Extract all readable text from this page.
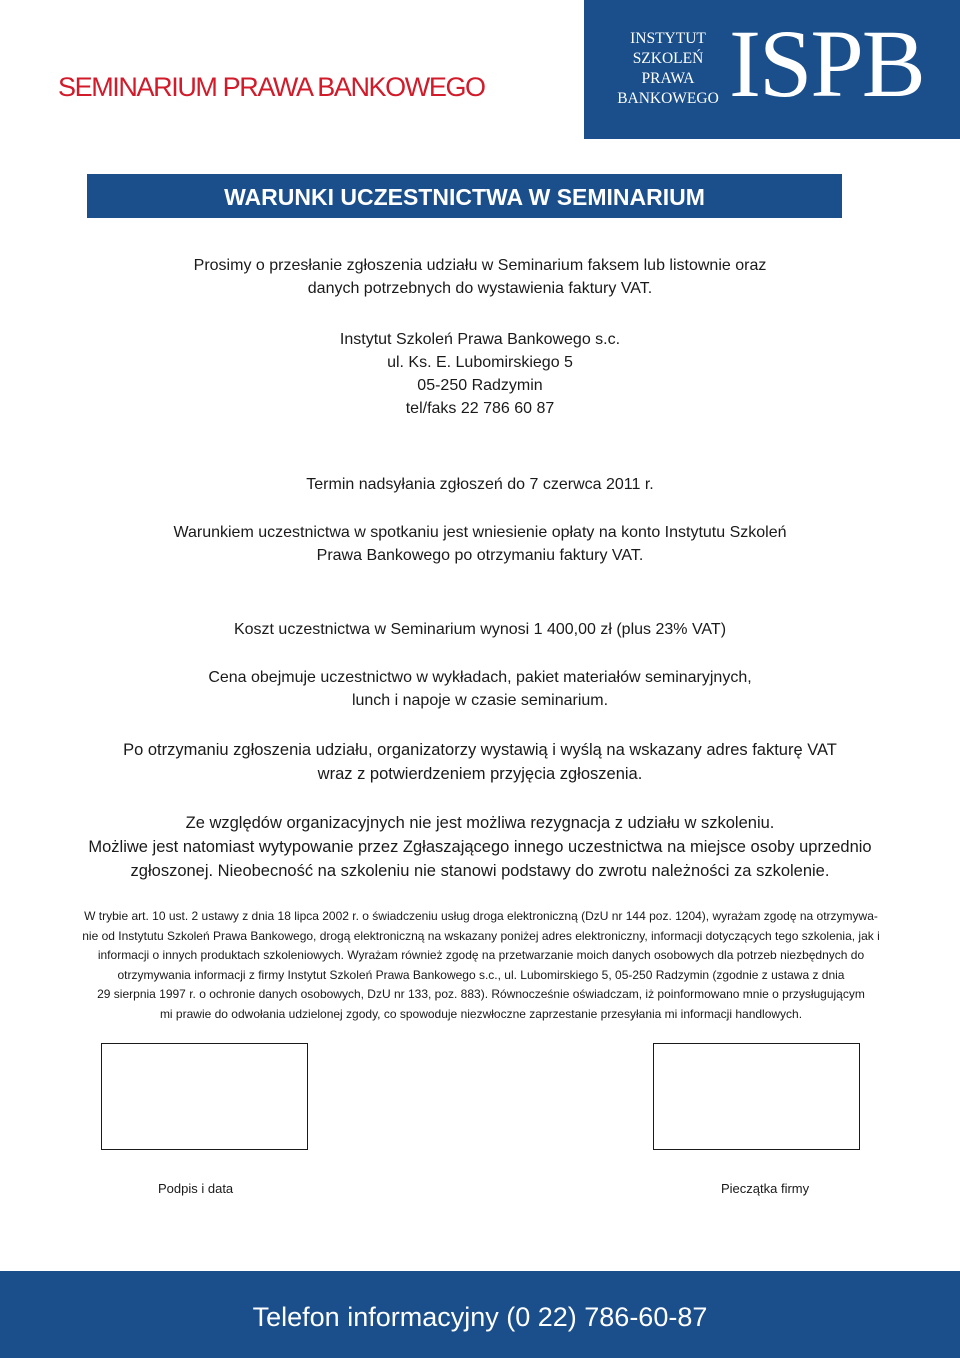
SEMINARIUM PRAWA BANKOWEGO
INSTYTUT
SZKOLEŃ
PRAWA
BANKOWEGO ISPB
WARUNKI UCZESTNICTWA W SEMINARIUM

Prosimy o przesłanie zgłoszenia udziału w Seminarium faksem lub listownie oraz

danych potrzebnych do wystawienia faktury VAT.

Instytut Szkoleń Prawa Bankowego s.c.

ul. Ks. E. Lubomirskiego 5

05-250 Radzymin

tel/faks 22 786 60 87

Termin nadsyłania zgłoszeń do 7 czerwca 2011 r.

Warunkiem uczestnictwa w spotkaniu jest wniesienie opłaty na konto Instytutu Szkoleń

Prawa Bankowego po otrzymaniu faktury VAT.

Koszt uczestnictwa w Seminarium wynosi 1 400,00 zł (plus 23% VAT)

Cena obejmuje uczestnictwo w wykładach, pakiet materiałów seminaryjnych,

lunch i napoje w czasie seminarium.

Po otrzymaniu zgłoszenia udziału, organizatorzy wystawią i wyślą na wskazany adres fakturę VAT

wraz z potwierdzeniem przyjęcia zgłoszenia.

Ze względów organizacyjnych nie jest możliwa rezygnacja z udziału w szkoleniu.

Możliwe jest natomiast wytypowanie przez Zgłaszającego innego uczestnictwa na miejsce osoby uprzednio

zgłoszonej. Nieobecność na szkoleniu nie stanowi podstawy do zwrotu należności za szkolenie.

W trybie art. 10 ust. 2 ustawy z dnia 18 lipca 2002 r. o świadczeniu usług droga elektroniczną (DzU nr 144 poz. 1204), wyrażam zgodę na otrzymywa-
nie od Instytutu Szkoleń Prawa Bankowego, drogą elektroniczną na wskazany poniżej adres elektroniczny, informacji dotyczących tego szkolenia, jak i
informacji o innych produktach szkoleniowych. Wyrażam również zgodę na przetwarzanie moich danych osobowych dla potrzeb niezbędnych do
otrzymywania informacji z firmy Instytut Szkoleń Prawa Bankowego s.c., ul. Lubomirskiego 5, 05-250 Radzymin (zgodnie z ustawa z dnia
29 sierpnia 1997 r. o ochronie danych osobowych, DzU nr 133, poz. 883). Równocześnie oświadczam, iż poinformowano mnie o przysługującym
mi prawie do odwołania udzielonej zgody, co spowoduje niezwłoczne zaprzestanie przesyłania mi informacji handlowych.

Podpis i data	Pieczątka firmy

Telefon informacyjny (0 22) 786-60-87
